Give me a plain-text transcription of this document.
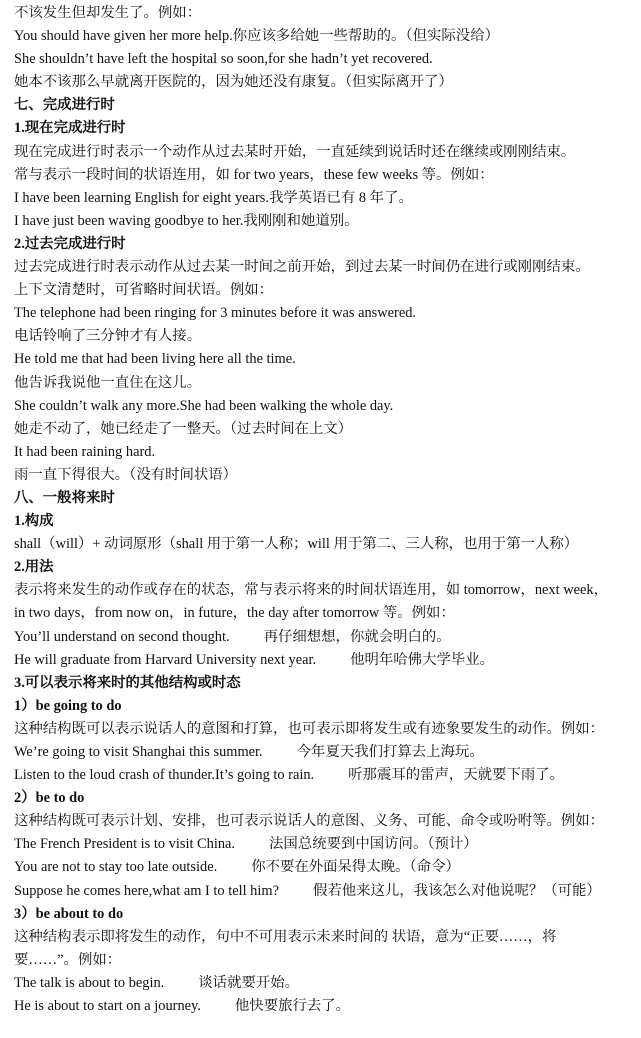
不该发生但却发生了。例如：
You should have given her more help.你应该多给她一些帮助的。（但实际没给）
She shouldn’t have left the hospital so soon,for she hadn’t yet recovered.
她本不该那么早就离开医院的，因为她还没有康复。（但实际离开了）
七、完成进行时
1.现在完成进行时
现在完成进行时表示一个动作从过去某时开始，一直延续到说话时还在继续或刚刚结束。
常与表示一段时间的状语连用，如 for two years，these few weeks 等。例如：
I have been learning English for eight years.我学英语已有 8 年了。
I have just been waving goodbye to her.我刚刚和她道别。
2.过去完成进行时
过去完成进行时表示动作从过去某一时间之前开始，到过去某一时间仍在进行或刚刚结束。
上下文清楚时，可省略时间状语。例如：
The telephone had been ringing for 3 minutes before it was answered.
电话铃响了三分钟才有人接。
He told me that had been living here all the time.
他告诉我说他一直住在这儿。
She couldn’t walk any more.She had been walking the whole day.
她走不动了，她已经走了一整天。（过去时间在上文）
It had been raining hard.
雨一直下得很大。（没有时间状语）
八、一般将来时
1.构成
shall（will）+ 动词原形（shall 用于第一人称；will 用于第二、三人称，也用于第一人称）
2.用法
表示将来发生的动作或存在的状态，常与表示将来的时间状语连用，如 tomorrow，next week，
in two days，from now on，in future，the day after tomorrow 等。例如：
You’ll understand on second thought. 再仔细想想，你就会明白的。
He will graduate from Harvard University next year. 他明年哈佛大学毕业。
3.可以表示将来时的其他结构或时态
1）be going to do
这种结构既可以表示说话人的意图和打算，也可表示即将发生或有迹象要发生的动作。例如：
We’re going to visit Shanghai this summer. 今年夏天我们打算去上海玩。
Listen to the loud crash of thunder.It’s going to rain. 听那震耳的雷声，天就要下雨了。
2）be to do
这种结构既可表示计划、安排，也可表示说话人的意图、义务、可能、命令或吩咐等。例如：
The French President is to visit China. 法国总统要到中国访问。（预计）
You are not to stay too late outside. 你不要在外面呆得太晚。（命令）
Suppose he comes here,what am I to tell him? 假若他来这儿，我该怎么对他说呢？（可能）
3）be about to do
这种结构表示即将发生的动作，句中不可用表示未来时间的 状语，意为“正要……，将
要……”。例如：
The talk is about to begin. 谈话就要开始。
He is about to start on a journey. 他快要旅行去了。
